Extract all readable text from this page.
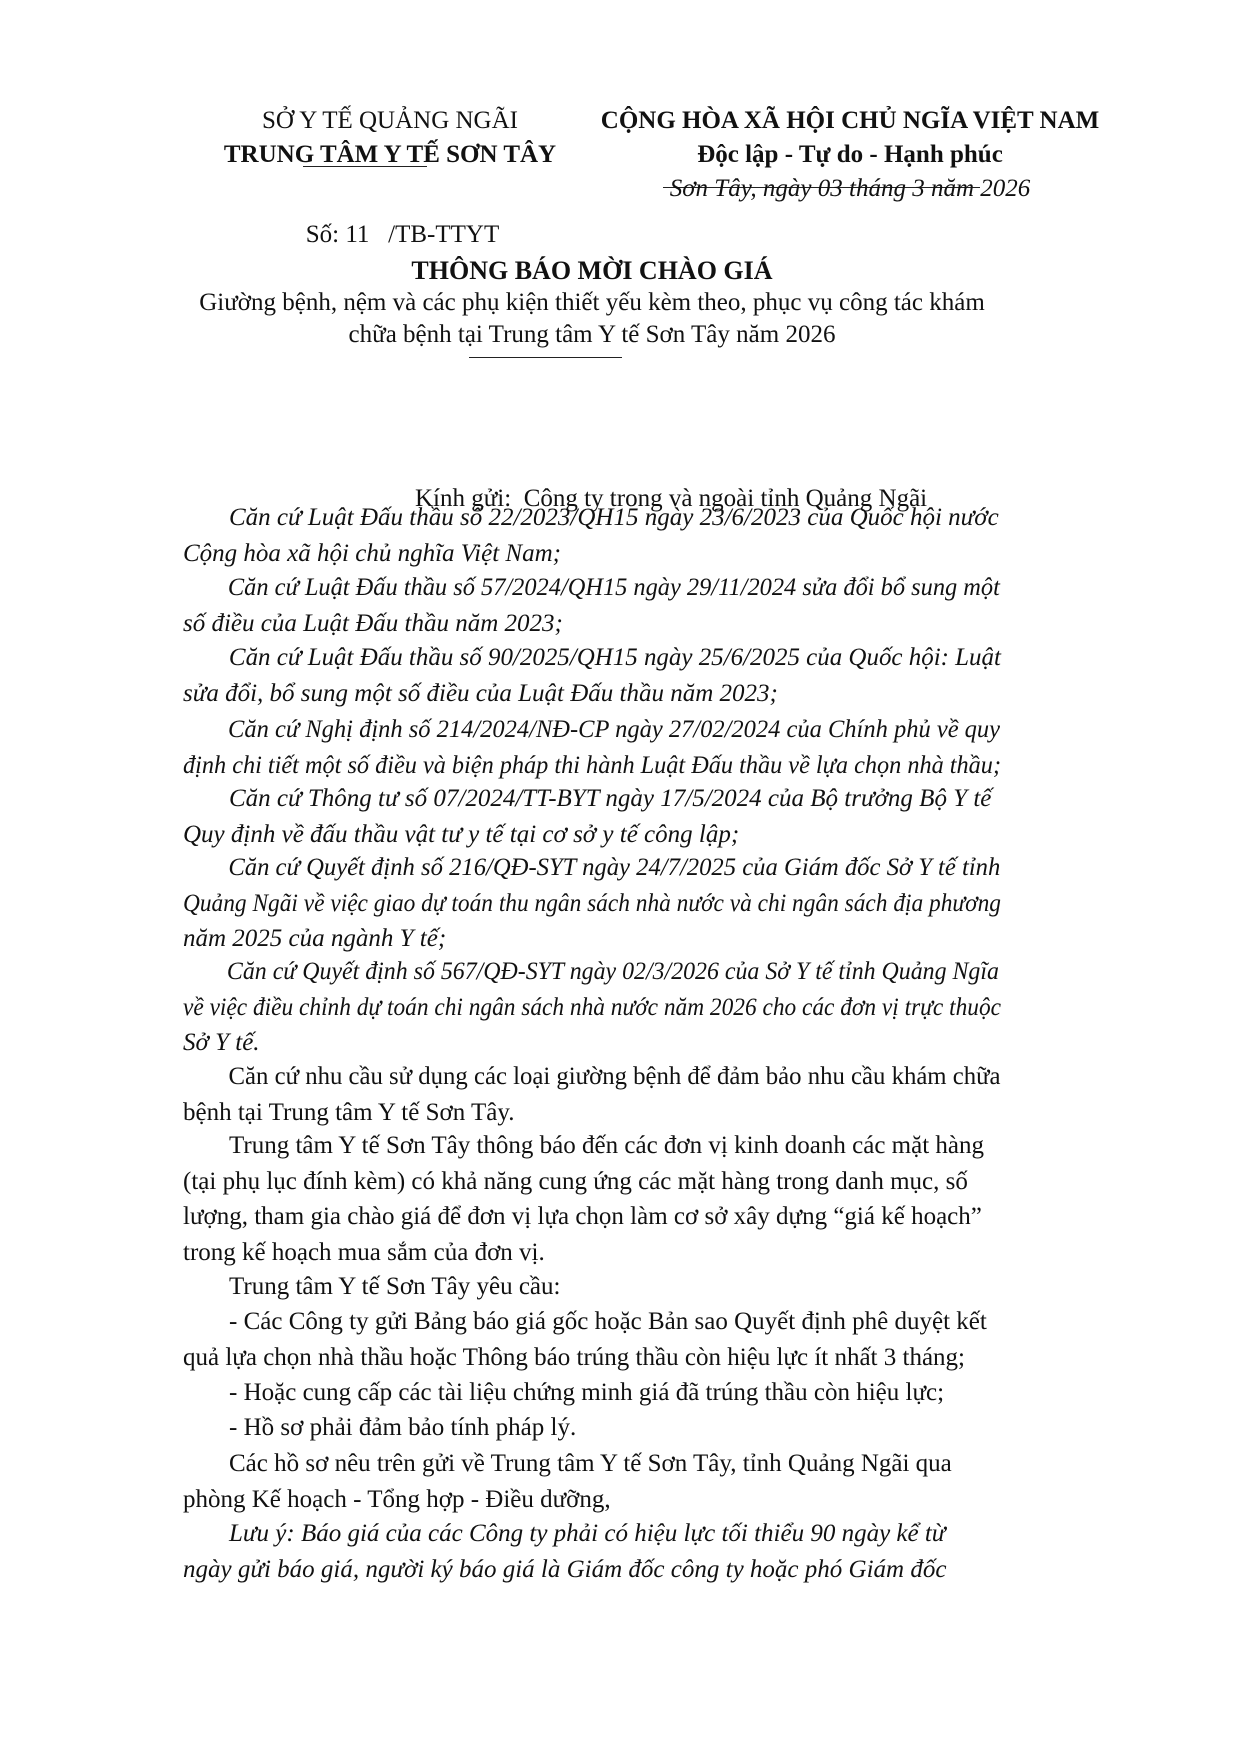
SỞ Y TẾ QUẢNG NGÃI
TRUNG TÂM Y TẾ SƠN TÂY

Số: 11   /TB-TTYT

CỘNG HÒA XÃ HỘI CHỦ NGĨA VIỆT NAM
Độc lập - Tự do - Hạnh phúc
Sơn Tây, ngày 03 tháng 3 năm 2026
THÔNG BÁO MỜI CHÀO GIÁ
Giường bệnh, nệm và các phụ kiện thiết yếu kèm theo, phục vụ công tác khám
chữa bệnh tại Trung tâm Y tế Sơn Tây năm 2026

Kính gửi:  Công ty trong và ngoài tỉnh Quảng Ngãi

Căn cứ Luật Đấu thầu số 22/2023/QH15 ngày 23/6/2023 của Quốc hội nước
Cộng hòa xã hội chủ nghĩa Việt Nam;
Căn cứ Luật Đấu thầu số 57/2024/QH15 ngày 29/11/2024 sửa đổi bổ sung một
số điều của Luật Đấu thầu năm 2023;
Căn cứ Luật Đấu thầu số 90/2025/QH15 ngày 25/6/2025 của Quốc hội: Luật
sửa đổi, bổ sung một số điều của Luật Đấu thầu năm 2023;
Căn cứ Nghị định số 214/2024/NĐ-CP ngày 27/02/2024 của Chính phủ về quy
định chi tiết một số điều và biện pháp thi hành Luật Đấu thầu về lựa chọn nhà thầu;
Căn cứ Thông tư số 07/2024/TT-BYT ngày 17/5/2024 của Bộ trưởng Bộ Y tế
Quy định về đấu thầu vật tư y tế tại cơ sở y tế công lập;
Căn cứ Quyết định số 216/QĐ-SYT ngày 24/7/2025 của Giám đốc Sở Y tế tỉnh
Quảng Ngãi về việc giao dự toán thu ngân sách nhà nước và chi ngân sách địa phương
năm 2025 của ngành Y tế;
Căn cứ Quyết định số 567/QĐ-SYT ngày 02/3/2026 của Sở Y tế tỉnh Quảng Ngĩa
về việc điều chỉnh dự toán chi ngân sách nhà nước năm 2026 cho các đơn vị trực thuộc
Sở Y tế.
Căn cứ nhu cầu sử dụng các loại giường bệnh để đảm bảo nhu cầu khám chữa
bệnh tại Trung tâm Y tế Sơn Tây.
Trung tâm Y tế Sơn Tây thông báo đến các đơn vị kinh doanh các mặt hàng
(tại phụ lục đính kèm) có khả năng cung ứng các mặt hàng trong danh mục, số
lượng, tham gia chào giá để đơn vị lựa chọn làm cơ sở xây dựng “giá kế hoạch”
trong kế hoạch mua sắm của đơn vị.
Trung tâm Y tế Sơn Tây yêu cầu:
- Các Công ty gửi Bảng báo giá gốc hoặc Bản sao Quyết định phê duyệt kết
quả lựa chọn nhà thầu hoặc Thông báo trúng thầu còn hiệu lực ít nhất 3 tháng;
- Hoặc cung cấp các tài liệu chứng minh giá đã trúng thầu còn hiệu lực;
- Hồ sơ phải đảm bảo tính pháp lý.
Các hồ sơ nêu trên gửi về Trung tâm Y tế Sơn Tây, tỉnh Quảng Ngãi qua
phòng Kế hoạch - Tổng hợp - Điều dưỡng,
Lưu ý: Báo giá của các Công ty phải có hiệu lực tối thiểu 90 ngày kể từ
ngày gửi báo giá, người ký báo giá là Giám đốc công ty hoặc phó Giám đốc
